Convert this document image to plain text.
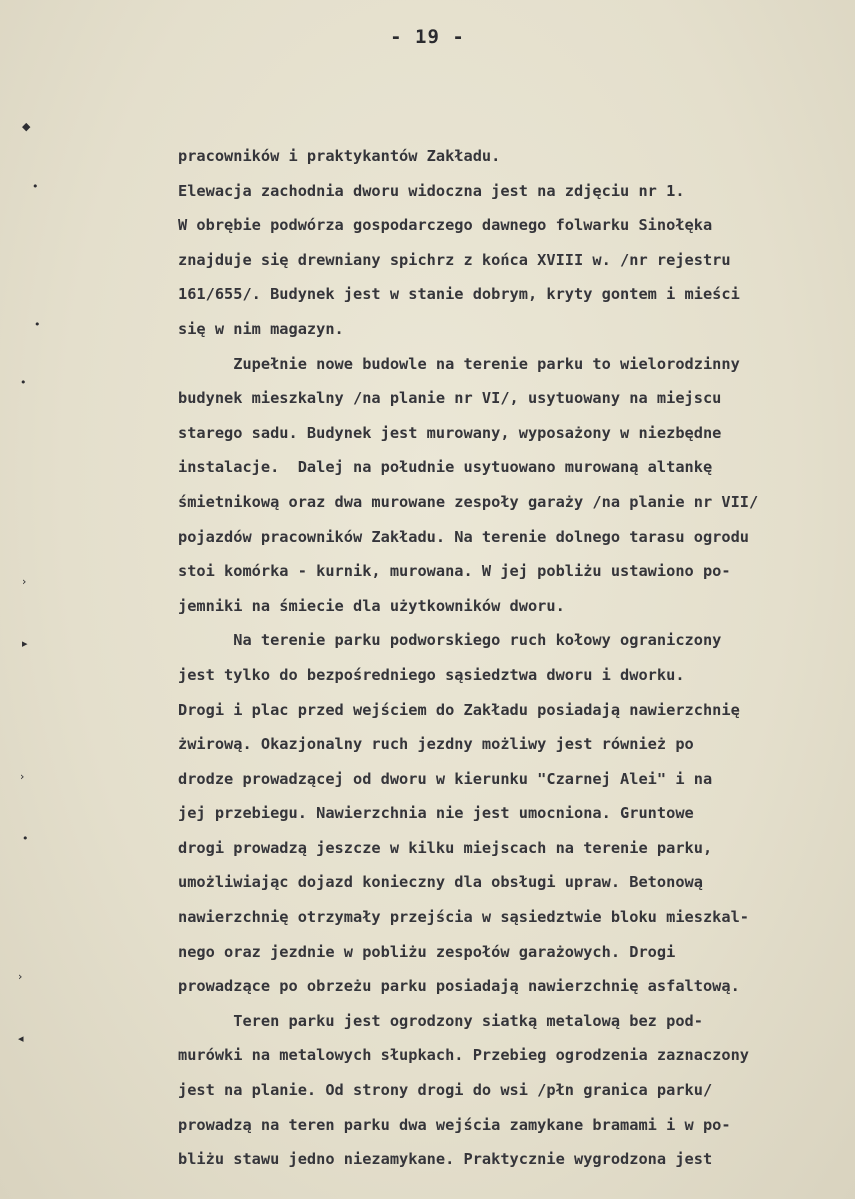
- 19 -
◆
•
•
•
›
▸
›
•
›
◂
pracowników i praktykantów Zakładu.
Elewacja zachodnia dworu widoczna jest na zdjęciu nr 1.
W obrębie podwórza gospodarczego dawnego folwarku Sinołęka
znajduje się drewniany spichrz z końca XVIII w. /nr rejestru
161/655/. Budynek jest w stanie dobrym, kryty gontem i mieści
się w nim magazyn.
Zupełnie nowe budowle na terenie parku to wielorodzinny
budynek mieszkalny /na planie nr VI/, usytuowany na miejscu
starego sadu. Budynek jest murowany, wyposażony w niezbędne
instalacje.  Dalej na południe usytuowano murowaną altankę
śmietnikową oraz dwa murowane zespoły garaży /na planie nr VII/
pojazdów pracowników Zakładu. Na terenie dolnego tarasu ogrodu
stoi komórka - kurnik, murowana. W jej pobliżu ustawiono po-
jemniki na śmiecie dla użytkowników dworu.
Na terenie parku podworskiego ruch kołowy ograniczony
jest tylko do bezpośredniego sąsiedztwa dworu i dworku.
Drogi i plac przed wejściem do Zakładu posiadają nawierzchnię
żwirową. Okazjonalny ruch jezdny możliwy jest również po
drodze prowadzącej od dworu w kierunku "Czarnej Alei" i na
jej przebiegu. Nawierzchnia nie jest umocniona. Gruntowe
drogi prowadzą jeszcze w kilku miejscach na terenie parku,
umożliwiając dojazd konieczny dla obsługi upraw. Betonową
nawierzchnię otrzymały przejścia w sąsiedztwie bloku mieszkal-
nego oraz jezdnie w pobliżu zespołów garażowych. Drogi
prowadzące po obrzeżu parku posiadają nawierzchnię asfaltową.
Teren parku jest ogrodzony siatką metalową bez pod-
murówki na metalowych słupkach. Przebieg ogrodzenia zaznaczony
jest na planie. Od strony drogi do wsi /płn granica parku/
prowadzą na teren parku dwa wejścia zamykane bramami i w po-
bliżu stawu jedno niezamykane. Praktycznie wygrodzona jest
